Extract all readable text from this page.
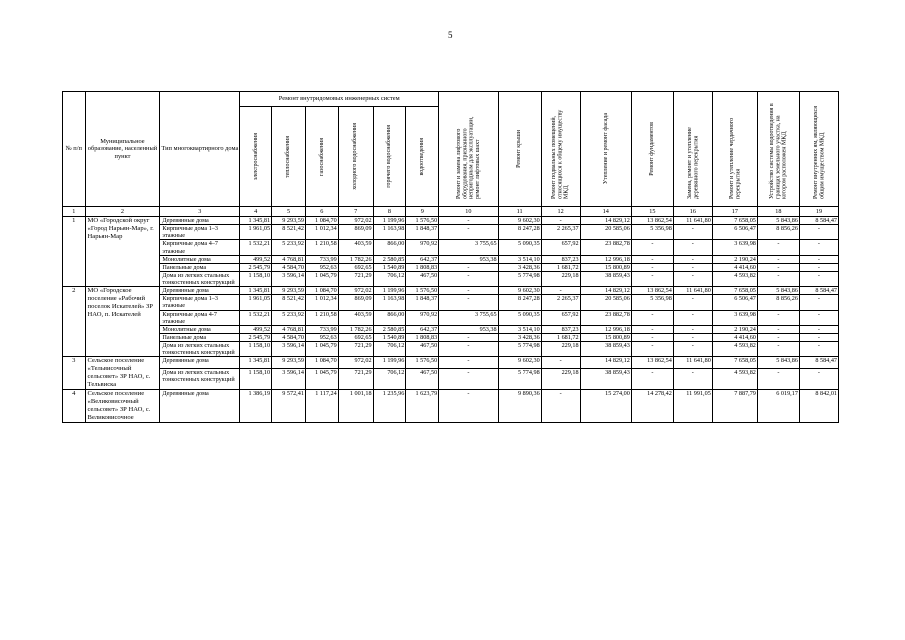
5
№ п/п	Муниципальное образование, населенный пункт	Тип многоквартирного дома	Ремонт внутридомовых инженерных систем						Ремонт и замена лифтового оборудования, признанного непригодным для эксплуатации, ремонт лифтовых шахт	Ремонт крыши	Ремонт подвальных помещений, относящихся к общему имуществу МКД	Утепление и ремонт фасада	Ремонт фундаментов	Замена, ремонт и утепление деревянного перекрытия	Ремонт и утепление чердачного перекрытия	Устройство системы водоотведения в границах земельного участка, на котором расположен МКД	Ремонт внутренних ям, являющихся общим имуществом МКД

			электроснабжения	теплоснабжения	газоснабжения	холодного водоснабжения	горячего водоснабжения	водоотведения									

1	2	3	4	5	6	7	8	9	10	11	12	14	15	16	17	18	19
1	МО «Городской округ «Город Нарьян-Мар», г. Нарьян-Мар	Деревянные дома	1 345,81	9 293,59	1 084,70	972,02	1 199,96	1 576,50	-	9 602,30	-	14 829,12	13 862,54	11 641,80	7 658,05	5 843,86	8 584,47
		Кирпичные дома 1–3 этажные	1 961,05	8 521,42	1 012,34	869,09	1 163,98	1 848,37	-	8 247,28	2 265,37	20 585,06	5 356,98	-	6 506,47	8 856,26	-
		Кирпичные дома 4–7 этажные	1 532,21	5 233,92	1 210,58	403,59	866,00	970,92	3 755,65	5 090,35	657,92	23 882,78	-	-	3 639,98	-	-
		Монолитные дома	499,52	4 768,81	733,99	1 782,26	2 580,85	642,37	953,38	3 514,10	837,23	12 996,18	-	-	2 190,24	-	-
		Панельные дома	2 545,79	4 584,70	952,63	692,65	1 540,89	1 808,83	-	3 428,36	1 681,72	15 800,89	-	-	4 414,60	-	-
		Дома из легких стальных тонкостенных конструкций	1 158,10	3 596,14	1 045,79	721,29	706,12	467,50	-	5 774,98	229,18	38 859,43	-	-	4 593,82	-	-
2	МО «Городское поселение «Рабочий поселок Искателей» ЗР НАО, п. Искателей	Деревянные дома	1 345,81	9 293,59	1 084,70	972,02	1 199,96	1 576,50	-	9 602,30	-	14 829,12	13 862,54	11 641,80	7 658,05	5 843,86	8 584,47
		Кирпичные дома 1–3 этажные	1 961,05	8 521,42	1 012,34	869,09	1 163,98	1 848,37	-	8 247,28	2 265,37	20 585,06	5 356,98	-	6 506,47	8 856,26	-
		Кирпичные дома 4-7 этажные	1 532,21	5 233,92	1 210,58	403,59	866,00	970,92	3 755,65	5 090,35	657,92	23 882,78	-	-	3 639,98	-	-
		Монолитные дома	499,52	4 768,81	733,99	1 782,26	2 580,85	642,37	953,38	3 514,10	837,23	12 996,18	-	-	2 190,24	-	-
		Панельные дома	2 545,79	4 584,70	952,63	692,65	1 540,89	1 808,83	-	3 428,36	1 681,72	15 800,89	-	-	4 414,60	-	-
		Дома из легких стальных тонкостенных конструкций	1 158,10	3 596,14	1 045,79	721,29	706,12	467,50	-	5 774,98	229,18	38 859,43	-	-	4 593,82	-	-
3	Сельское поселение «Тельвисочный сельсовет» ЗР НАО, с. Тельвиска	Деревянные дома	1 345,81	9 293,59	1 084,70	972,02	1 199,96	1 576,50	-	9 602,30	-	14 829,12	13 862,54	11 641,80	7 658,05	5 843,86	8 584,47
		Дома из легких стальных тонкостенных конструкций	1 158,10	3 596,14	1 045,79	721,29	706,12	467,50	-	5 774,98	229,18	38 859,43	-	-	4 593,82	-	-
4	Сельское поселение «Великовисочный сельсовет» ЗР НАО, с. Великовисочное	Деревянные дома	1 386,19	9 572,41	1 117,24	1 001,18	1 235,96	1 623,79	-	9 890,36	-	15 274,00	14 278,42	11 991,05	7 887,79	6 019,17	8 842,01
